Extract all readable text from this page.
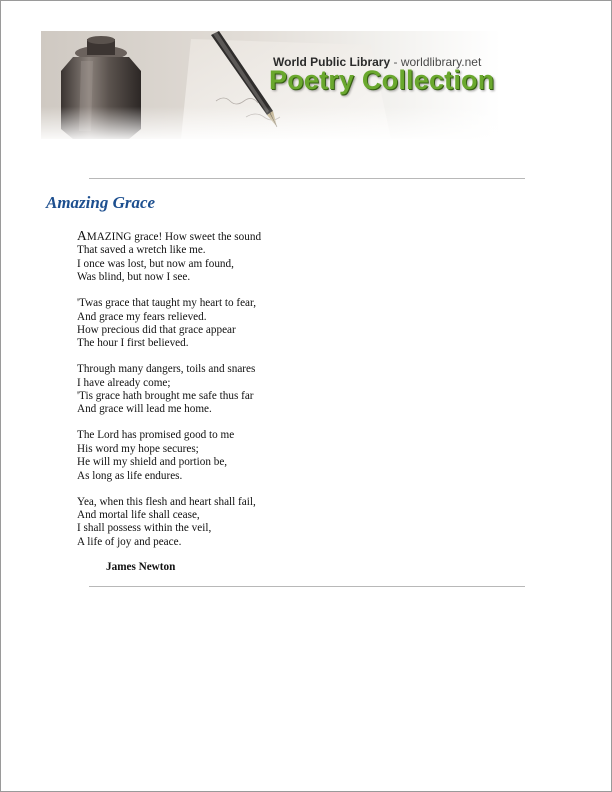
World Public Library - worldlibrary.net
Poetry Collection
Amazing Grace

AMAZING grace! How sweet the sound
That saved a wretch like me.
I once was lost, but now am found,
Was blind, but now I see.

'Twas grace that taught my heart to fear,
And grace my fears relieved.
How precious did that grace appear
The hour I first believed.

Through many dangers, toils and snares
I have already come;
'Tis grace hath brought me safe thus far
And grace will lead me home.

The Lord has promised good to me
His word my hope secures;
He will my shield and portion be,
As long as life endures.

Yea, when this flesh and heart shall fail,
And mortal life shall cease,
I shall possess within the veil,
A life of joy and peace.

James Newton
